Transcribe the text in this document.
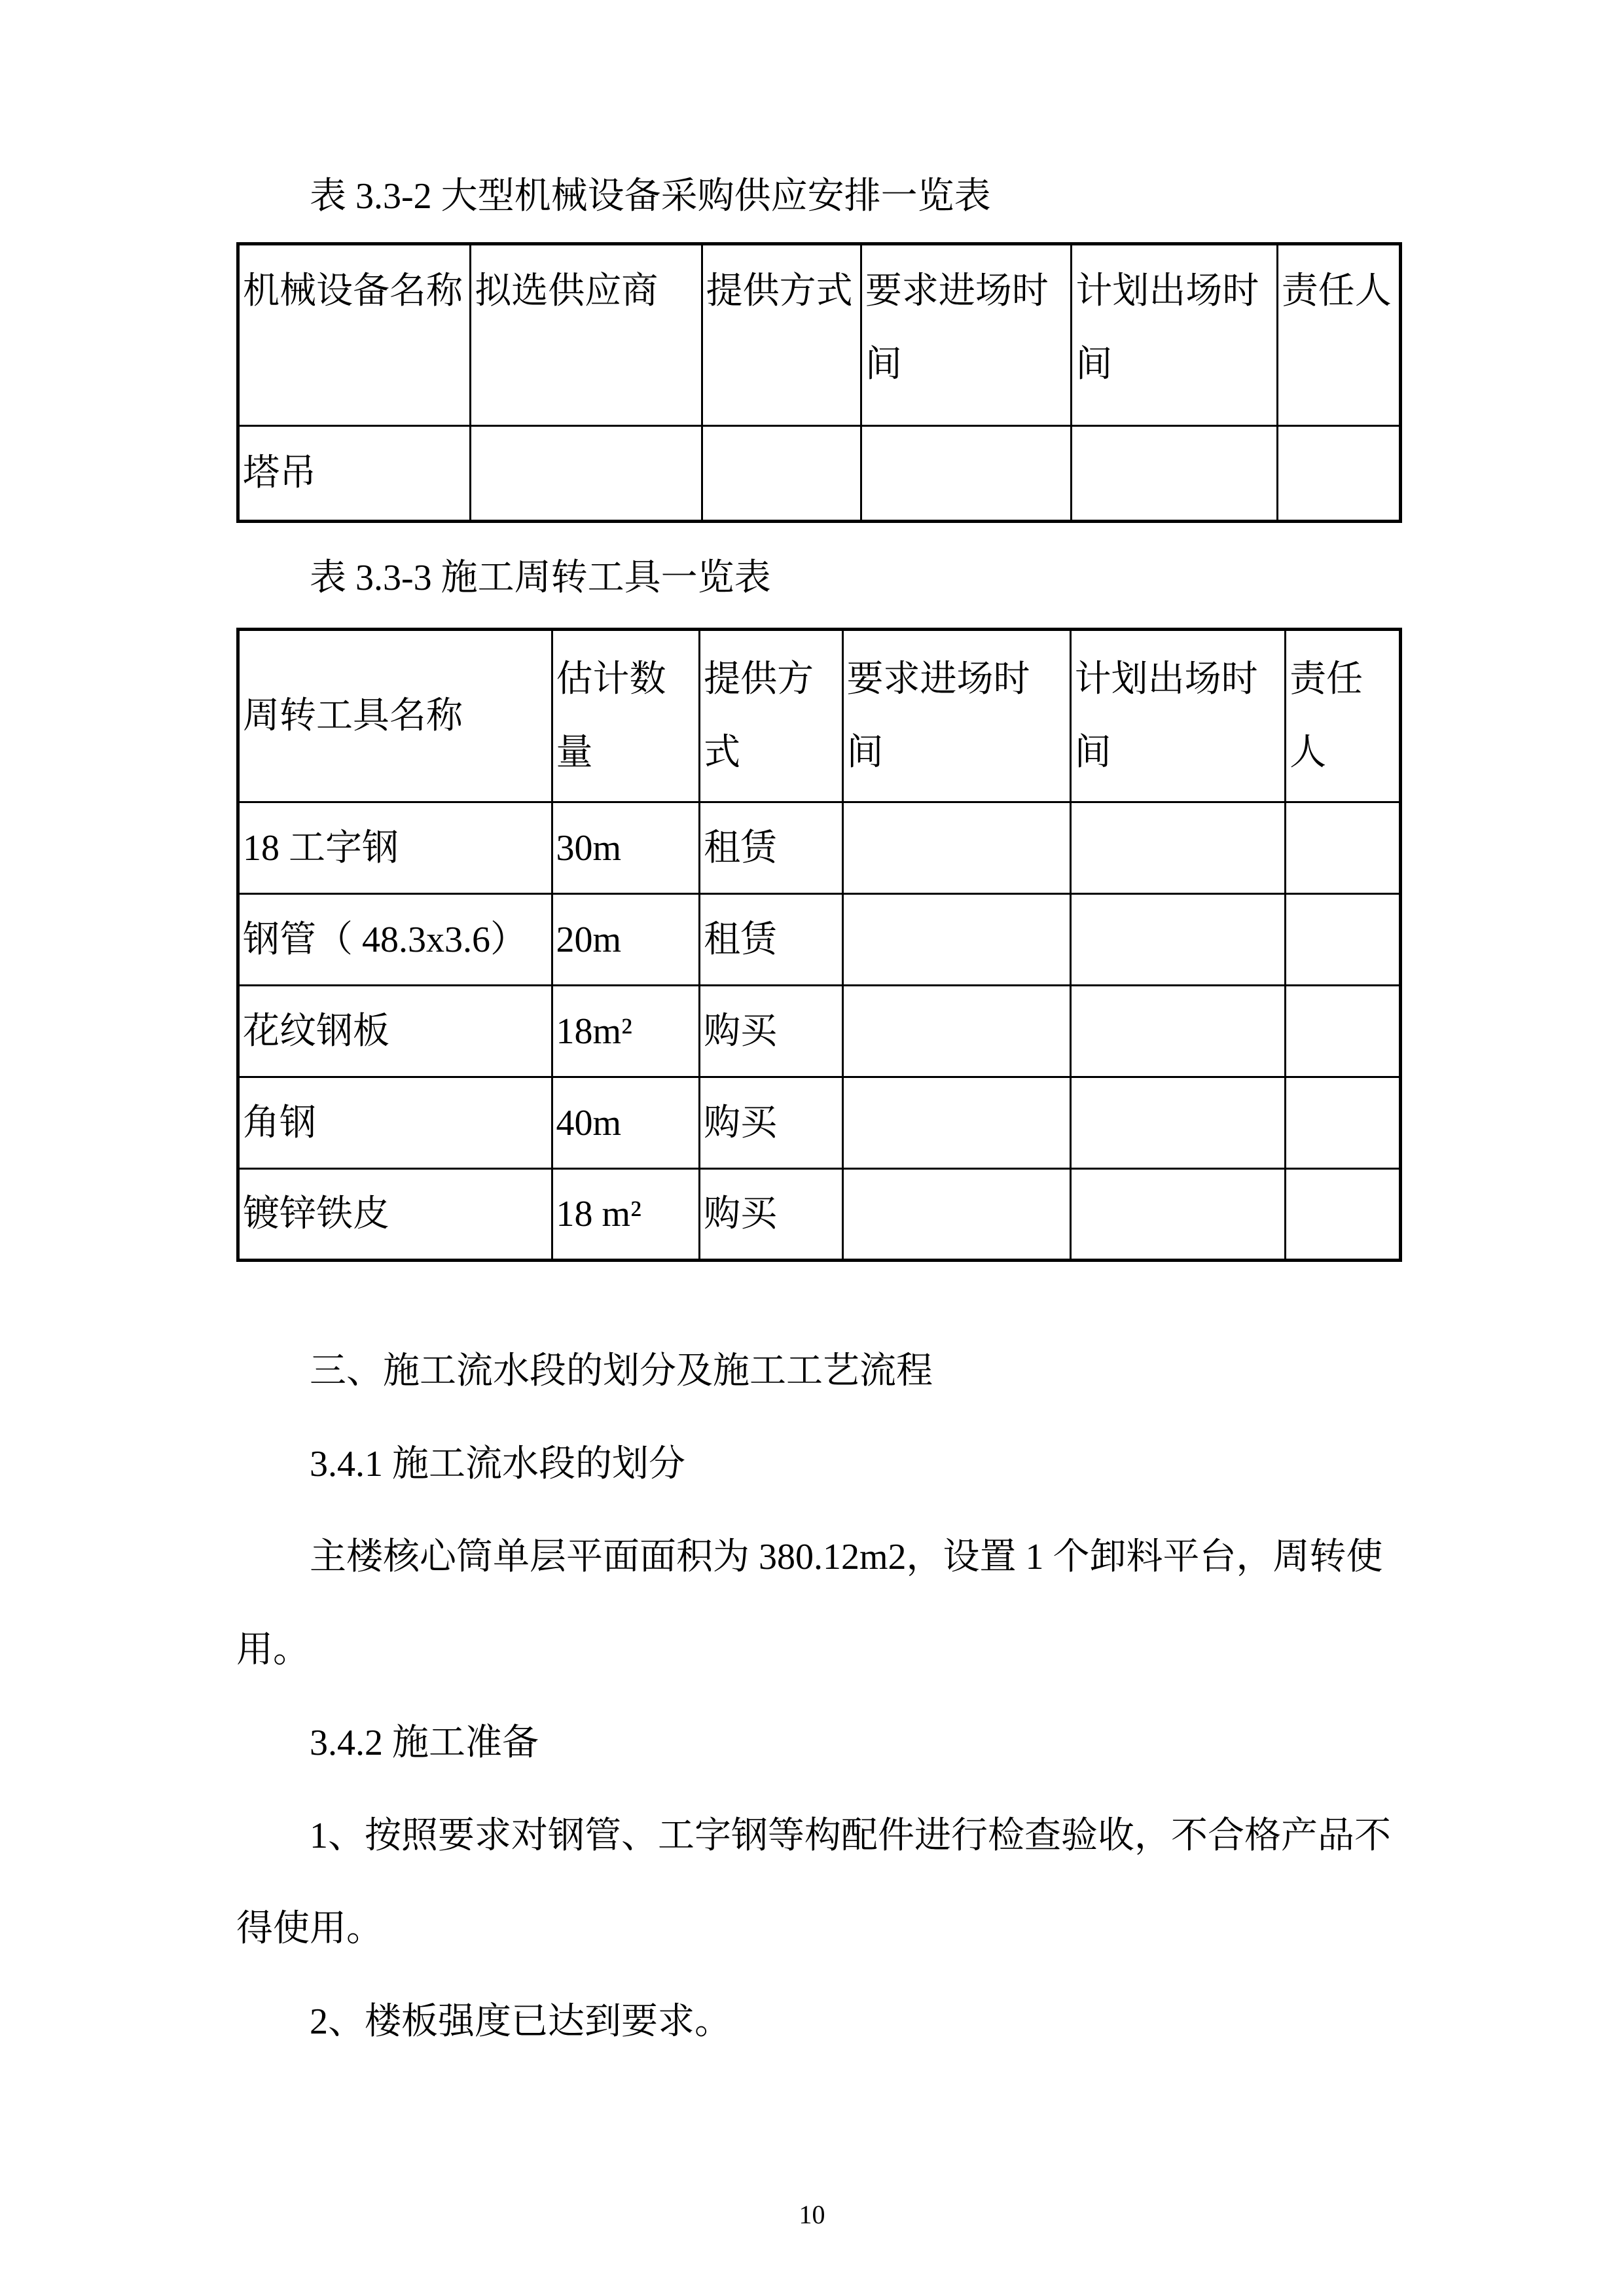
表 3.3-2 大型机械设备采购供应安排一览表
机械设备名称	拟选供应商	提供方式	要求进场时间	计划出场时间	责任人
塔吊					
表 3.3-3 施工周转工具一览表
周转工具名称	估计数量	提供方式	要求进场时间	计划出场时间	责任人
18 工字钢	30m	租赁			
钢管（ 48.3x3.6）	20m	租赁			
花纹钢板	18m²	购买			
角钢	40m	购买			
镀锌铁皮	18 m²	购买			

三、施工流水段的划分及施工工艺流程

3.4.1 施工流水段的划分

主楼核心筒单层平面面积为 380.12m2，设置 1 个卸料平台，周转使用。

3.4.2 施工准备

1、按照要求对钢管、工字钢等构配件进行检查验收，不合格产品不得使用。

2、楼板强度已达到要求。

10
